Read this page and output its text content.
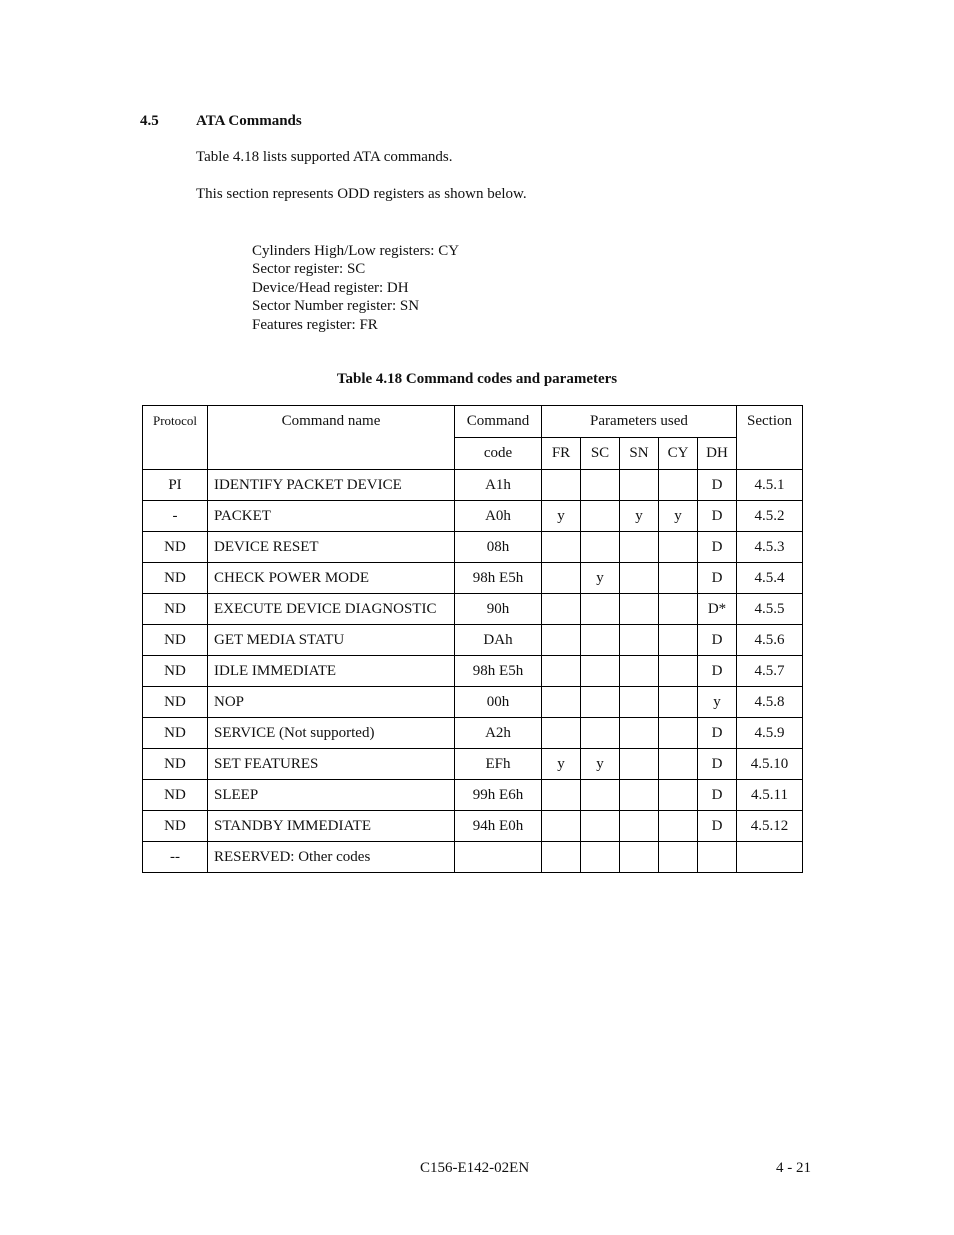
4.5 ATA Commands
Table 4.18 lists supported ATA commands.
This section represents ODD registers as shown below.
Cylinders High/Low registers: CY
Sector register: SC
Device/Head register: DH
Sector Number register: SN
Features register: FR
Table 4.18 Command codes and parameters
Protocol	Command name	Command	Parameters used					Section
		code	FR	SC	SN	CY	DH	
PI	IDENTIFY PACKET DEVICE	A1h					D	4.5.1
-	PACKET	A0h	y		y	y	D	4.5.2
ND	DEVICE RESET	08h					D	4.5.3
ND	CHECK POWER MODE	98h E5h		y			D	4.5.4
ND	EXECUTE DEVICE DIAGNOSTIC	90h					D*	4.5.5
ND	GET MEDIA STATU	DAh					D	4.5.6
ND	IDLE IMMEDIATE	98h E5h					D	4.5.7
ND	NOP	00h					y	4.5.8
ND	SERVICE (Not supported)	A2h					D	4.5.9
ND	SET FEATURES	EFh	y	y			D	4.5.10
ND	SLEEP	99h E6h					D	4.5.11
ND	STANDBY IMMEDIATE	94h E0h					D	4.5.12
--	RESERVED: Other codes							
C156-E142-02EN	4 - 21
